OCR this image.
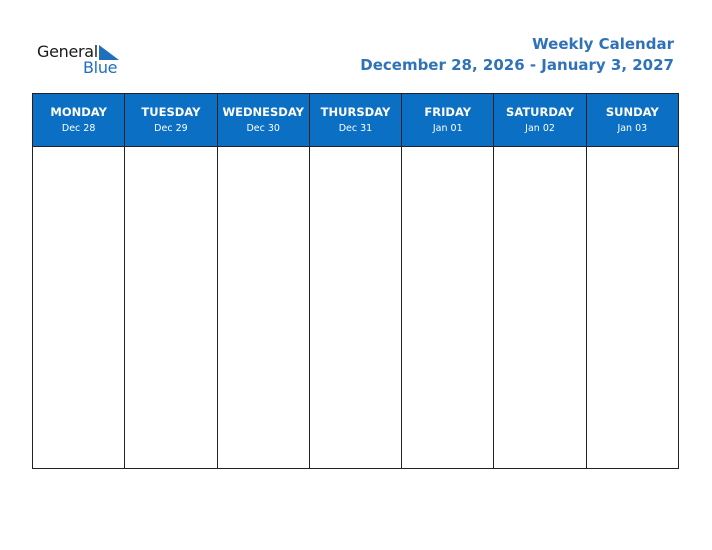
General
Blue
Weekly Calendar
December 28, 2026 - January 3, 2027
MONDAY
Dec 28
TUESDAY
Dec 29
WEDNESDAY
Dec 30
THURSDAY
Dec 31
FRIDAY
Jan 01
SATURDAY
Jan 02
SUNDAY
Jan 03
